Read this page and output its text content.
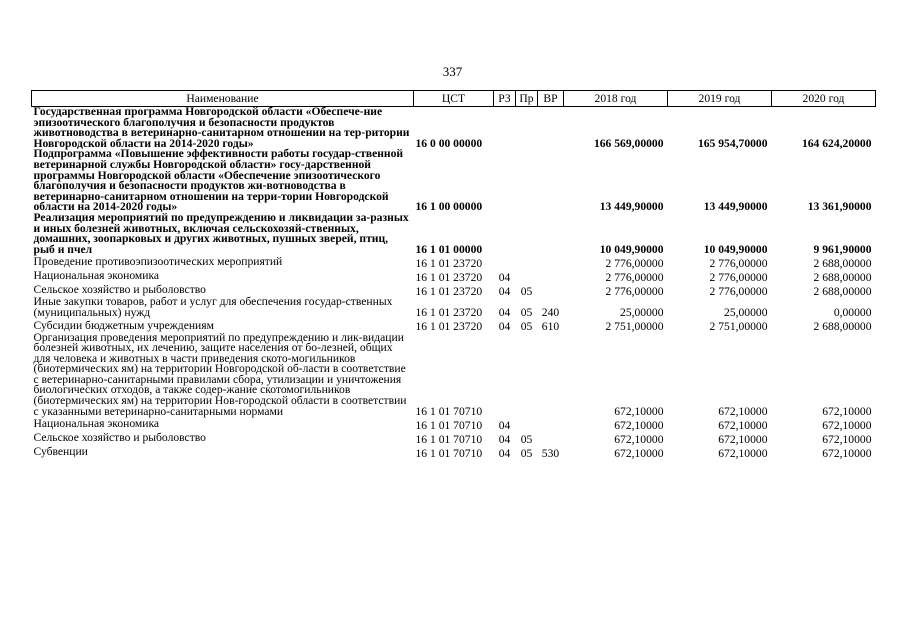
337
Наименование	ЦСТ	РЗ	Пр	ВР	2018 год	2019 год	2020 год
Государственная программа Новгородской области «Обеспече-ние эпизоотического благополучия и безопасности продуктов животноводства в ветеринарно-санитарном отношении на тер-ритории Новгородской области на 2014-2020 годы»	16 0 00 00000				166 569,00000	165 954,70000	164 624,20000
Подпрограмма «Повышение эффективности работы государ-ственной ветеринарной службы Новгородской области» госу-дарственной программы Новгородской области «Обеспечение эпизоотического благополучия и безопасности продуктов жи-вотноводства в ветеринарно-санитарном отношении на терри-тории Новгородской области на 2014-2020 годы»	16 1 00 00000				13 449,90000	13 449,90000	13 361,90000
Реализация мероприятий по предупреждению и ликвидации за-разных и иных болезней животных, включая сельскохозяй-ственных, домашних, зоопарковых и других животных, пушных зверей, птиц, рыб и пчел	16 1 01 00000				10 049,90000	10 049,90000	9 961,90000
Проведение противоэпизоотических мероприятий	16 1 01 23720				2 776,00000	2 776,00000	2 688,00000
Национальная экономика	16 1 01 23720	04			2 776,00000	2 776,00000	2 688,00000
Сельское хозяйство и рыболовство	16 1 01 23720	04	05		2 776,00000	2 776,00000	2 688,00000
Иные закупки товаров, работ и услуг для обеспечения государ-ственных (муниципальных) нужд	16 1 01 23720	04	05	240	25,00000	25,00000	0,00000
Субсидии бюджетным учреждениям	16 1 01 23720	04	05	610	2 751,00000	2 751,00000	2 688,00000
Организация проведения мероприятий по предупреждению и лик-видации болезней животных, их лечению, защите населения от бо-лезней, общих для человека и животных в части приведения ското-могильников (биотермических ям) на территории Новгородской об-ласти в соответствие с ветеринарно-санитарными правилами сбора, утилизации и уничтожения биологических отходов, а также содер-жание скотомогильников (биотермических ям) на территории Нов-городской области в соответствии с указанными ветеринарно-санитарными нормами	16 1 01 70710				672,10000	672,10000	672,10000
Национальная экономика	16 1 01 70710	04			672,10000	672,10000	672,10000
Сельское хозяйство и рыболовство	16 1 01 70710	04	05		672,10000	672,10000	672,10000
Субвенции	16 1 01 70710	04	05	530	672,10000	672,10000	672,10000
